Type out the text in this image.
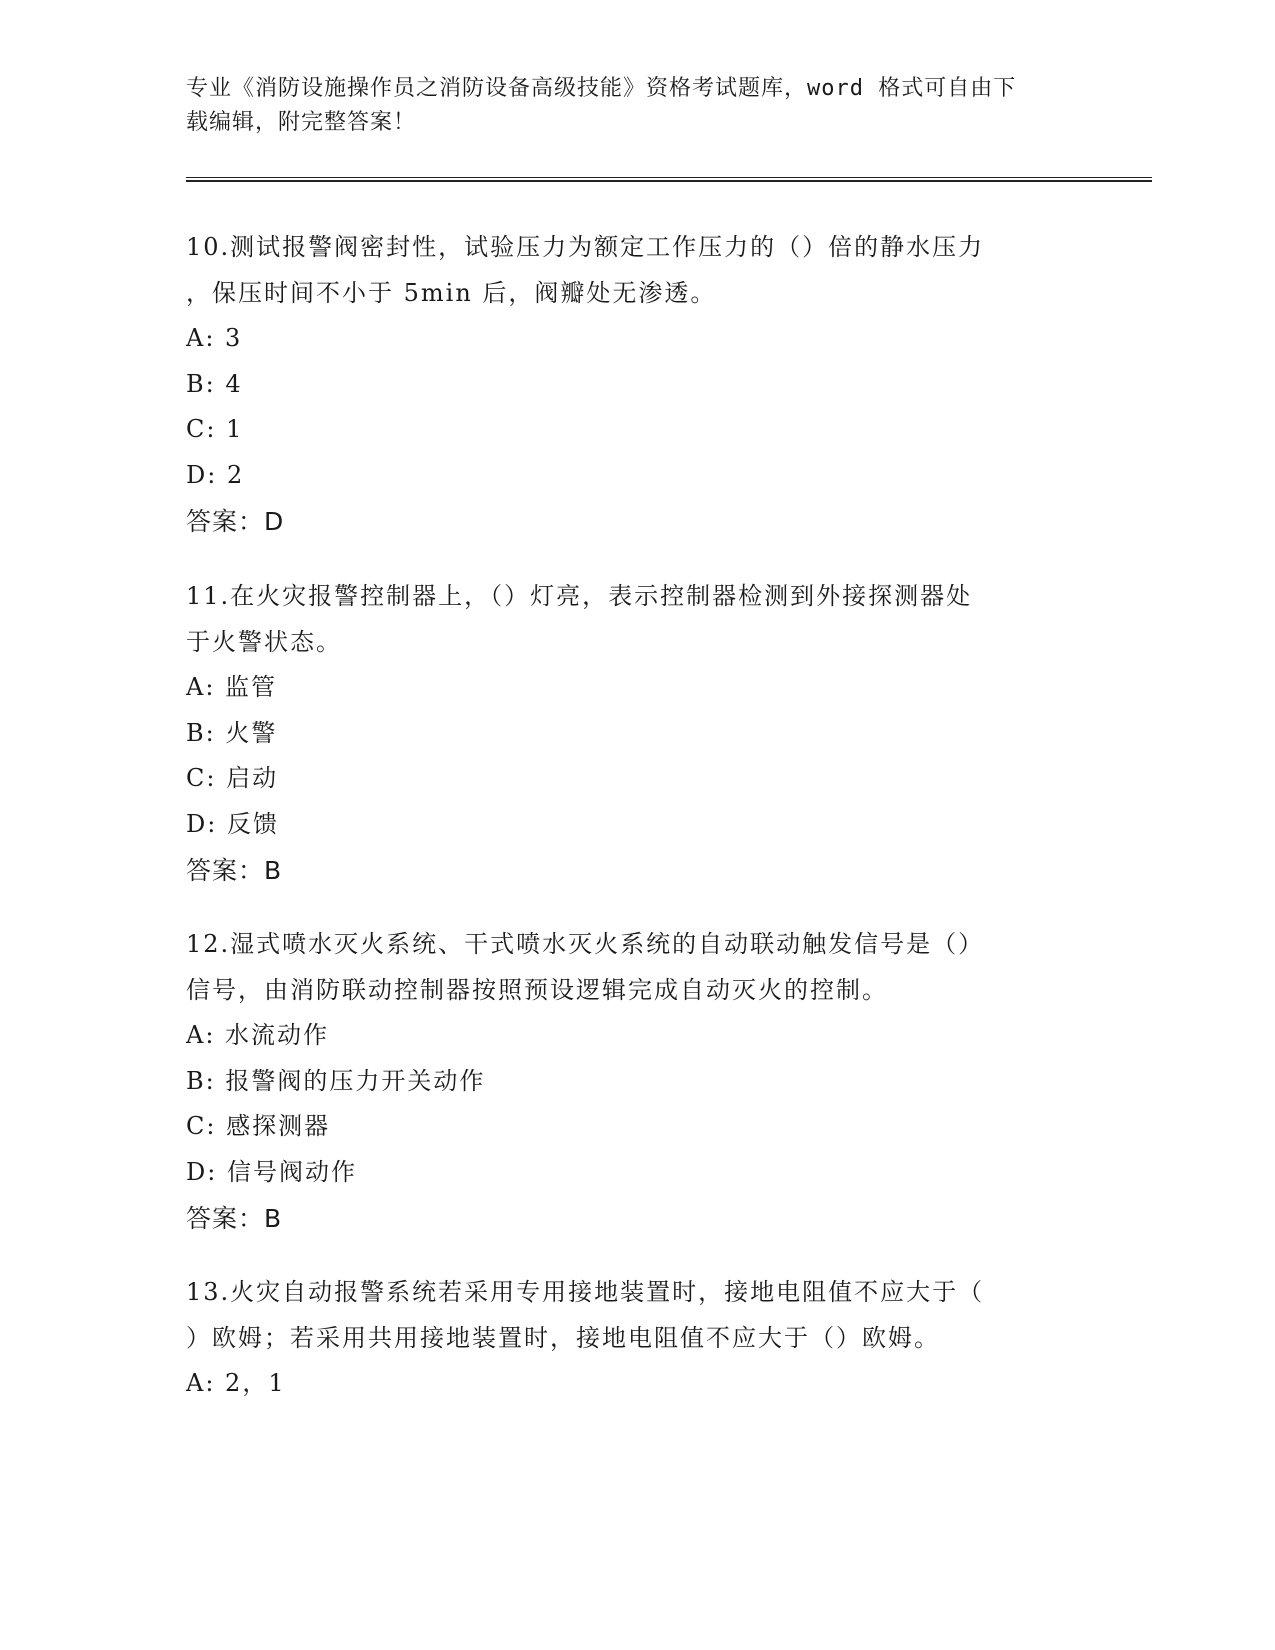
专业《消防设施操作员之消防设备高级技能》资格考试题库，word 格式可自由下
载编辑，附完整答案！

10.测试报警阀密封性，试验压力为额定工作压力的（）倍的静水压力

，保压时间不小于 5min 后，阀瓣处无渗透。

A: 3

B: 4

C: 1

D: 2

答案：D

11.在火灾报警控制器上，（）灯亮，表示控制器检测到外接探测器处

于火警状态。

A: 监管

B: 火警

C: 启动

D: 反馈

答案：B

12.湿式喷水灭火系统、干式喷水灭火系统的自动联动触发信号是（）

信号，由消防联动控制器按照预设逻辑完成自动灭火的控制。

A: 水流动作

B: 报警阀的压力开关动作

C: 感探测器

D: 信号阀动作

答案：B

13.火灾自动报警系统若采用专用接地装置时，接地电阻值不应大于（

）欧姆；若采用共用接地装置时，接地电阻值不应大于（）欧姆。

A: 2，1
